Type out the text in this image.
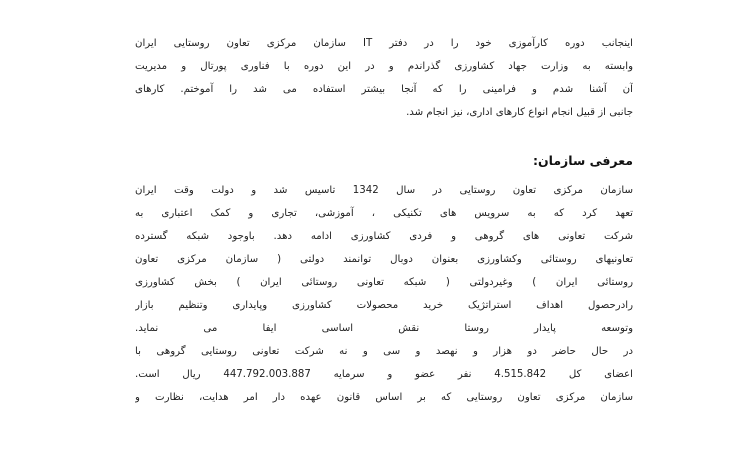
اینجانب دوره کارآموزی خود را در دفتر IT سازمان مرکزی تعاون روستایی ایران
وابسته به وزارت جهاد کشاورزی گذراندم و در این دوره با فناوری پورتال و مدیریت
آن آشنا شدم و فرامینی را که آنجا بیشتر استفاده می شد را آموختم. کارهای
جانبی از قبیل انجام انواع کارهای اداری، نیز انجام شد.
معرفی سازمان:
سازمان مرکزی تعاون روستایی در سال 1342 تاسیس شد و دولت وقت ایران
تعهد کرد که به سرویس های تکنیکی ، آموزشی، تجاری و کمک اعتباری به
شرکت تعاونی های گروهی و فردی کشاورزی ادامه دهد. باوجود شبکه گسترده
تعاونیهای روستائی وکشاورزی بعنوان دوبال توانمند دولتی ( سازمان مرکزی تعاون
روستائی ایران ) وغیردولتی ( شبکه تعاونی روستائی ایران ) بخش کشاورزی
رادرحصول اهداف استراتژیک خرید محصولات کشاورزی وپایداری وتنظیم بازار
وتوسعه پایدار روستا نقش اساسی ایفا می نماید.
در حال حاضر دو هزار و نهصد و سی و نه شرکت تعاونی روستایی گروهی با
اعضای کل 4.515.842 نفر عضو و سرمایه 447.792.003.887 ریال است.
سازمان مرکزی تعاون روستایی که بر اساس قانون عهده دار امر هدایت، نظارت و
